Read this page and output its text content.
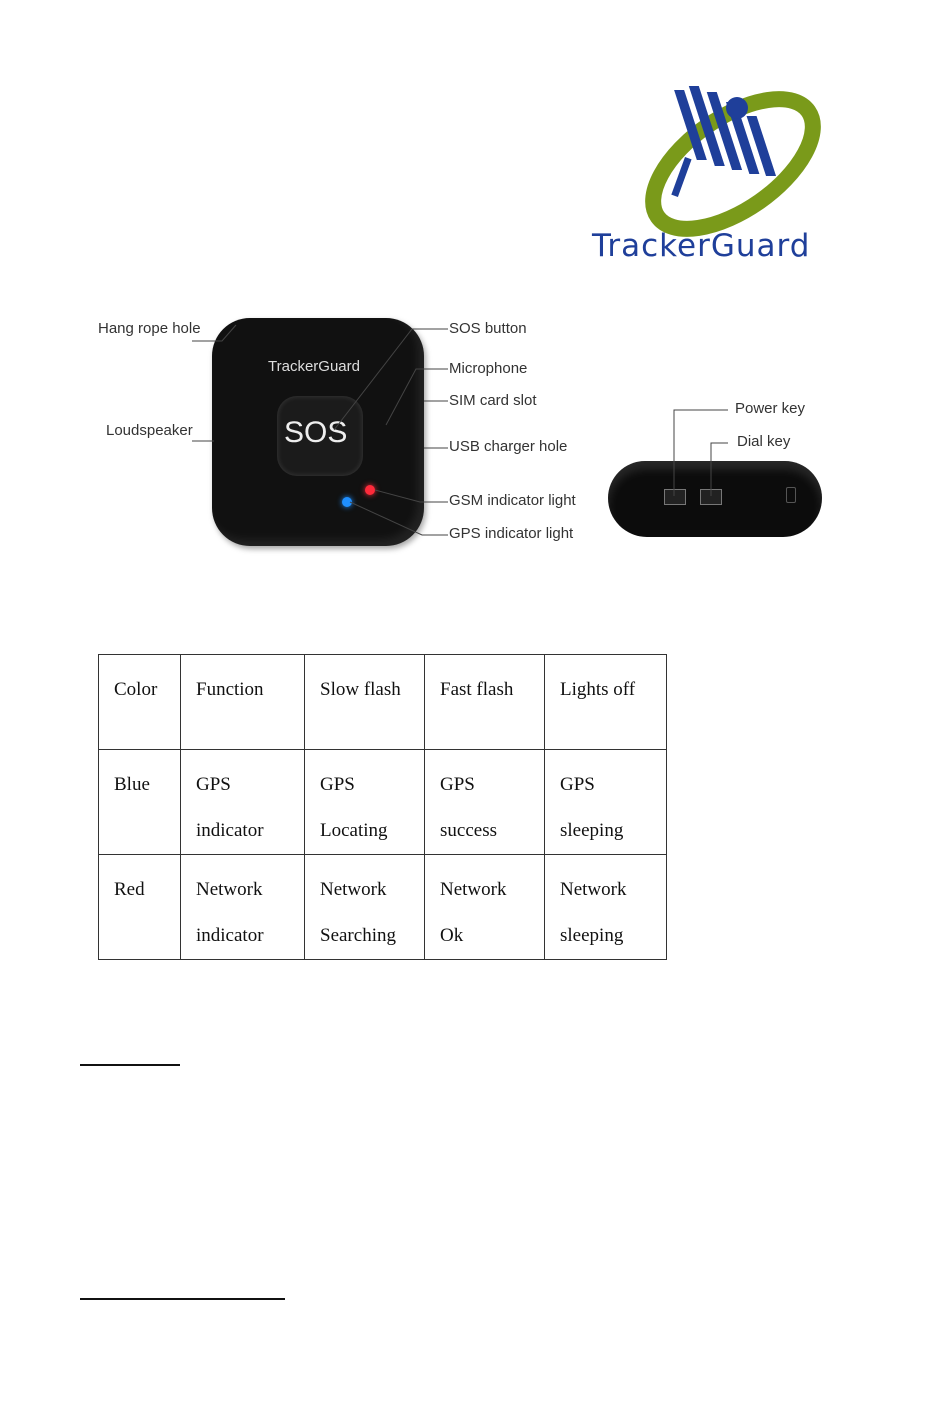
TrackerGuard
TrackerGuard
SOS
Hang rope hole
Loudspeaker
SOS button
Microphone
SIM card slot
USB charger hole
GSM indicator light
GPS indicator light
Power key
Dial key
Color	Function	Slow flash	Fast flash	Lights off
Blue	GPS indicator	GPS Locating	GPS success	GPS sleeping
Red	Network indicator	Network Searching	Network Ok	Network sleeping
